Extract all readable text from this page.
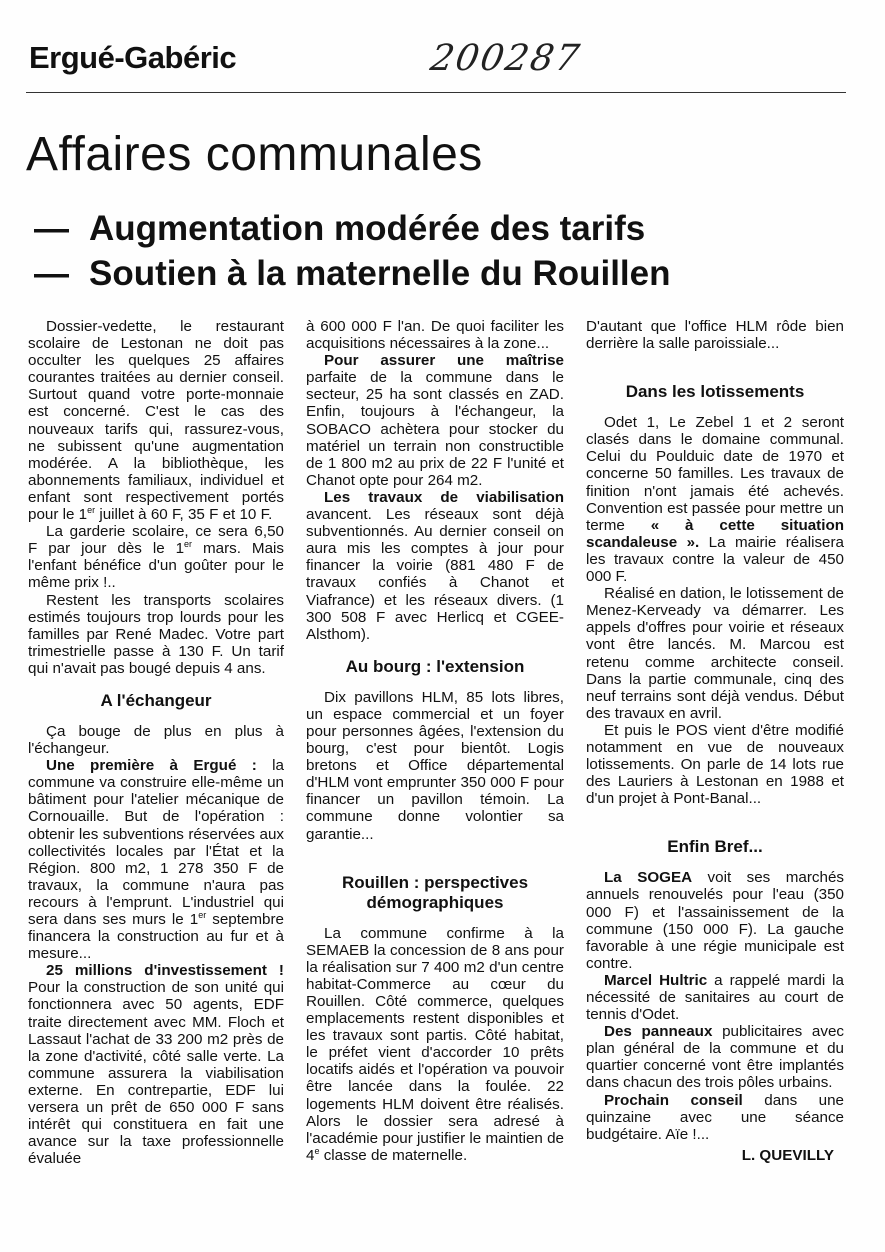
Ergué-Gabéric	200287
Affaires communales
— Augmentation modérée des tarifs
— Soutien à la maternelle du Rouillen

Dossier-vedette, le restaurant scolaire de Lestonan ne doit pas occulter les quelques 25 affaires courantes traitées au dernier conseil. Surtout quand votre porte-monnaie est concerné. C'est le cas des nouveaux tarifs qui, rassurez-vous, ne subissent qu'une augmentation modérée. A la bibliothèque, les abonnements familiaux, individuel et enfant sont respectivement portés pour le 1er juillet à 60 F, 35 F et 10 F.

La garderie scolaire, ce sera 6,50 F par jour dès le 1er mars. Mais l'enfant bénéfice d'un goûter pour le même prix !..

Restent les transports scolaires estimés toujours trop lourds pour les familles par René Madec. Votre part trimestrielle passe à 130 F. Un tarif qui n'avait pas bougé depuis 4 ans.

A l'échangeur

Ça bouge de plus en plus à l'échangeur.

Une première à Ergué : la commune va construire elle-même un bâtiment pour l'atelier mécanique de Cornouaille. But de l'opération : obtenir les subventions réservées aux collectivités locales par l'État et la Région. 800 m2, 1 278 350 F de travaux, la commune n'aura pas recours à l'emprunt. L'industriel qui sera dans ses murs le 1er septembre financera la construction au fur et à mesure...

25 millions d'investissement ! Pour la construction de son unité qui fonctionnera avec 50 agents, EDF traite directement avec MM. Floch et Lassaut l'achat de 33 200 m2 près de la zone d'activité, côté salle verte. La commune assurera la viabilisation externe. En contrepartie, EDF lui versera un prêt de 650 000 F sans intérêt qui constituera en fait une avance sur la taxe professionnelle évaluée

à 600 000 F l'an. De quoi faciliter les acquisitions nécessaires à la zone...

Pour assurer une maîtrise parfaite de la commune dans le secteur, 25 ha sont classés en ZAD. Enfin, toujours à l'échangeur, la SOBACO achètera pour stocker du matériel un terrain non constructible de 1 800 m2 au prix de 22 F l'unité et Chanot opte pour 264 m2.

Les travaux de viabilisation avancent. Les réseaux sont déjà subventionnés. Au dernier conseil on aura mis les comptes à jour pour financer la voirie (881 480 F de travaux confiés à Chanot et Viafrance) et les réseaux divers. (1 300 508 F avec Herlicq et CGEE-Alsthom).

Au bourg : l'extension

Dix pavillons HLM, 85 lots libres, un espace commercial et un foyer pour personnes âgées, l'extension du bourg, c'est pour bientôt. Logis bretons et Office départemental d'HLM vont emprunter 350 000 F pour financer un pavillon témoin. La commune donne volontier sa garantie...

Rouillen : perspectives démographiques

La commune confirme à la SEMAEB la concession de 8 ans pour la réalisation sur 7 400 m2 d'un centre habitat-Commerce au cœur du Rouillen. Côté commerce, quelques emplacements restent disponibles et les travaux sont partis. Côté habitat, le préfet vient d'accorder 10 prêts locatifs aidés et l'opération va pouvoir être lancée dans la foulée. 22 logements HLM doivent être réalisés. Alors le dossier sera adresé à l'académie pour justifier le maintien de 4e classe de maternelle.

D'autant que l'office HLM rôde bien derrière la salle paroissiale...

Dans les lotissements

Odet 1, Le Zebel 1 et 2 seront clasés dans le domaine communal. Celui du Poulduic date de 1970 et concerne 50 familles. Les travaux de finition n'ont jamais été achevés. Convention est passée pour mettre un terme « à cette situation scandaleuse ». La mairie réalisera les travaux contre la valeur de 450 000 F.

Réalisé en dation, le lotissement de Menez-Kerveady va démarrer. Les appels d'offres pour voirie et réseaux vont être lancés. M. Marcou est retenu comme architecte conseil. Dans la partie communale, cinq des neuf terrains sont déjà vendus. Début des travaux en avril.

Et puis le POS vient d'être modifié notamment en vue de nouveaux lotissements. On parle de 14 lots rue des Lauriers à Lestonan en 1988 et d'un projet à Pont-Banal...

Enfin Bref...

La SOGEA voit ses marchés annuels renouvelés pour l'eau (350 000 F) et l'assainissement de la commune (150 000 F). La gauche favorable à une régie municipale est contre.

Marcel Hultric a rappelé mardi la nécessité de sanitaires au court de tennis d'Odet.

Des panneaux publicitaires avec plan général de la commune et du quartier concerné vont être implantés dans chacun des trois pôles urbains.

Prochain conseil dans une quinzaine avec une séance budgétaire. Aïe !...

L. QUEVILLY
